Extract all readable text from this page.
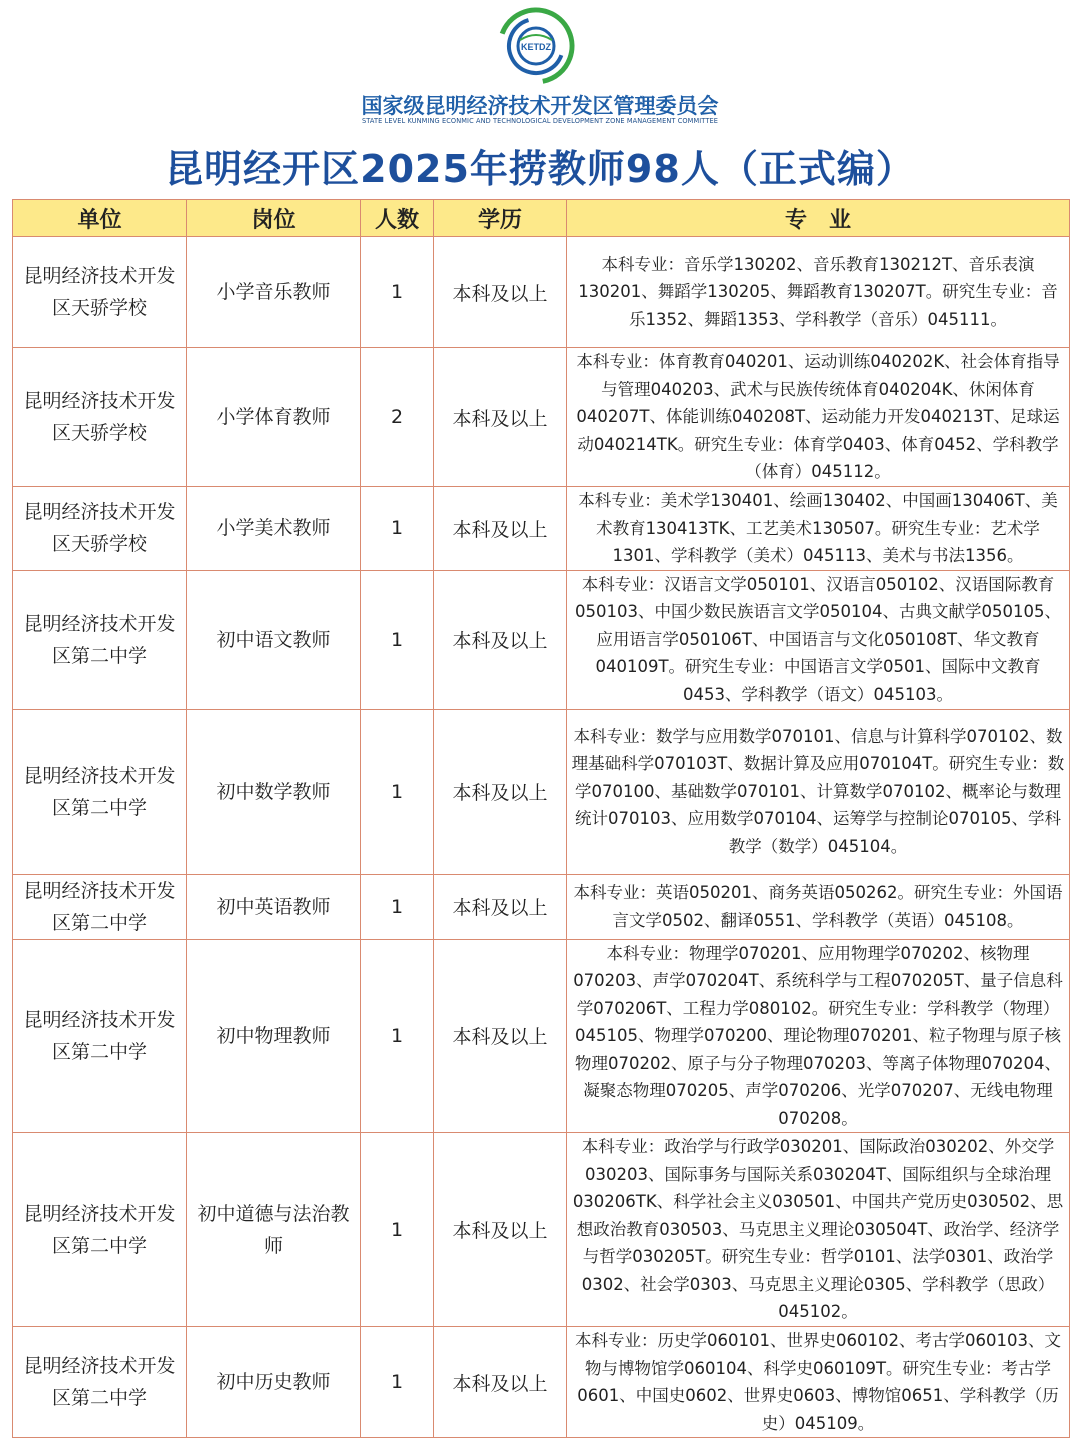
KETDZ
国家级昆明经济技术开发区管理委员会
STATE LEVEL KUNMING ECONMIC AND TECHNOLOGICAL DEVELOPMENT ZONE MANAGEMENT COMMITTEE
昆明经开区2025年捞教师98人（正式编）
单位	岗位	人数	学历	专　业
昆明经济技术开发区天骄学校	小学音乐教师	1	本科及以上	本科专业：音乐学130202、音乐教育130212T、音乐表演130201、舞蹈学130205、舞蹈教育130207T。研究生专业：音乐1352、舞蹈1353、学科教学（音乐）045111。
昆明经济技术开发区天骄学校	小学体育教师	2	本科及以上	本科专业：体育教育040201、运动训练040202K、社会体育指导与管理040203、武术与民族传统体育040204K、休闲体育040207T、体能训练040208T、运动能力开发040213T、足球运动040214TK。研究生专业：体育学0403、体育0452、学科教学（体育）045112。
昆明经济技术开发区天骄学校	小学美术教师	1	本科及以上	本科专业：美术学130401、绘画130402、中国画130406T、美术教育130413TK、工艺美术130507。研究生专业：艺术学1301、学科教学（美术）045113、美术与书法1356。
昆明经济技术开发区第二中学	初中语文教师	1	本科及以上	本科专业：汉语言文学050101、汉语言050102、汉语国际教育050103、中国少数民族语言文学050104、古典文献学050105、应用语言学050106T、中国语言与文化050108T、华文教育040109T。研究生专业：中国语言文学0501、国际中文教育0453、学科教学（语文）045103。
昆明经济技术开发区第二中学	初中数学教师	1	本科及以上	本科专业：数学与应用数学070101、信息与计算科学070102、数理基础科学070103T、数据计算及应用070104T。研究生专业：数学070100、基础数学070101、计算数学070102、概率论与数理统计070103、应用数学070104、运筹学与控制论070105、学科教学（数学）045104。
昆明经济技术开发区第二中学	初中英语教师	1	本科及以上	本科专业：英语050201、商务英语050262。研究生专业：外国语言文学0502、翻译0551、学科教学（英语）045108。
昆明经济技术开发区第二中学	初中物理教师	1	本科及以上	本科专业：物理学070201、应用物理学070202、核物理070203、声学070204T、系统科学与工程070205T、量子信息科学070206T、工程力学080102。研究生专业：学科教学（物理）045105、物理学070200、理论物理070201、粒子物理与原子核物理070202、原子与分子物理070203、等离子体物理070204、凝聚态物理070205、声学070206、光学070207、无线电物理070208。
昆明经济技术开发区第二中学	初中道德与法治教师	1	本科及以上	本科专业：政治学与行政学030201、国际政治030202、外交学030203、国际事务与国际关系030204T、国际组织与全球治理030206TK、科学社会主义030501、中国共产党历史030502、思想政治教育030503、马克思主义理论030504T、政治学、经济学与哲学030205T。研究生专业：哲学0101、法学0301、政治学0302、社会学0303、马克思主义理论0305、学科教学（思政）045102。
昆明经济技术开发区第二中学	初中历史教师	1	本科及以上	本科专业：历史学060101、世界史060102、考古学060103、文物与博物馆学060104、科学史060109T。研究生专业：考古学0601、中国史0602、世界史0603、博物馆0651、学科教学（历史）045109。
